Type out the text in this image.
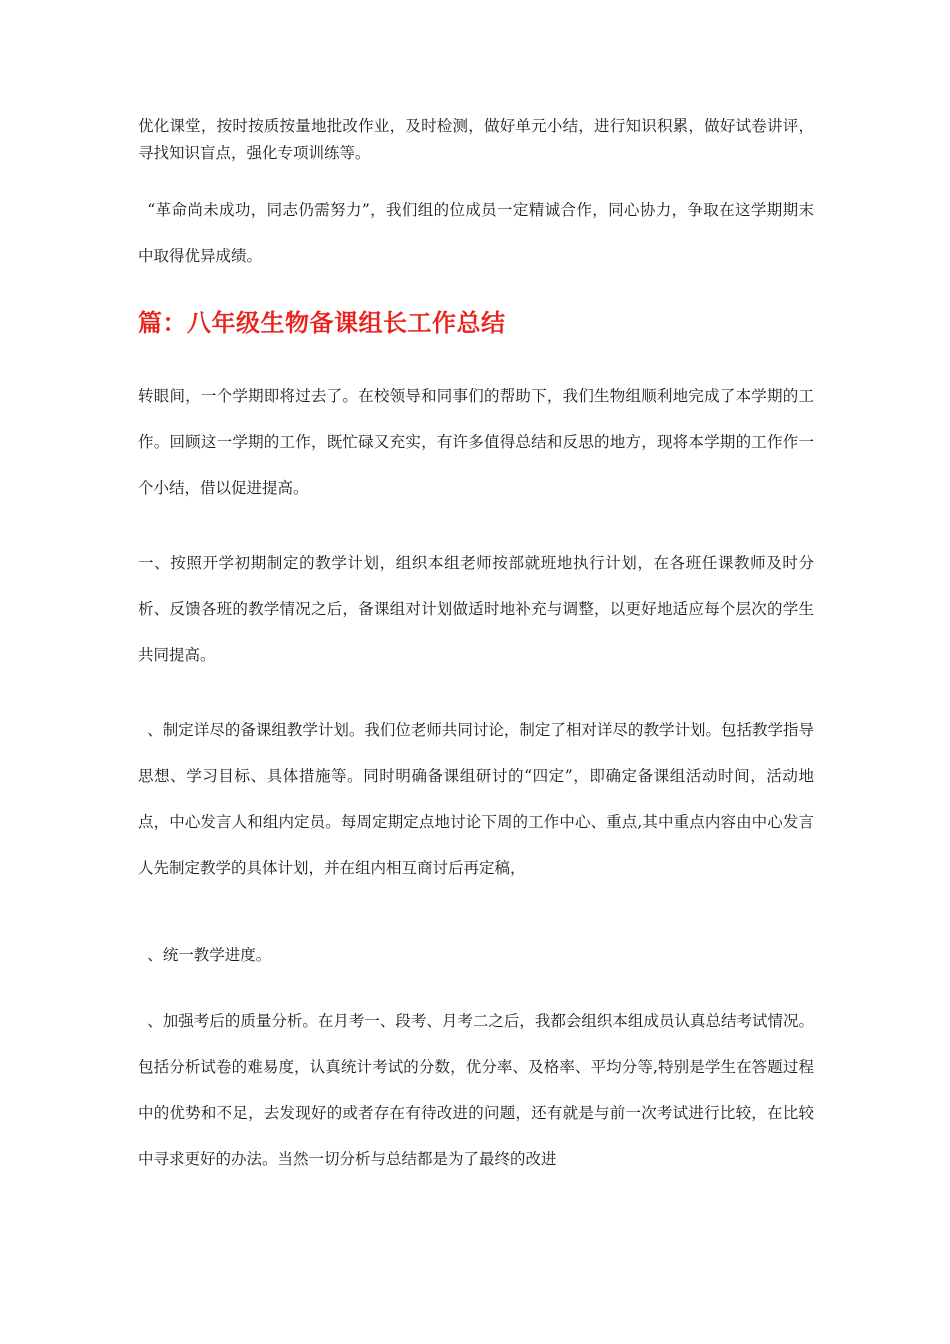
优化课堂，按时按质按量地批改作业，及时检测，做好单元小结，进行知识积累，做好试卷讲评，寻找知识盲点，强化专项训练等。

“革命尚未成功，同志仍需努力”，我们组的位成员一定精诚合作，同心协力，争取在这学期期末中取得优异成绩。

篇：八年级生物备课组长工作总结

转眼间，一个学期即将过去了。在校领导和同事们的帮助下，我们生物组顺利地完成了本学期的工作。回顾这一学期的工作，既忙碌又充实，有许多值得总结和反思的地方，现将本学期的工作作一个小结，借以促进提高。

一、按照开学初期制定的教学计划，组织本组老师按部就班地执行计划，在各班任课教师及时分析、反馈各班的教学情况之后，备课组对计划做适时地补充与调整，以更好地适应每个层次的学生共同提高。

、制定详尽的备课组教学计划。我们位老师共同讨论，制定了相对详尽的教学计划。包括教学指导思想、学习目标、具体措施等。同时明确备课组研讨的“四定”，即确定备课组活动时间，活动地点，中心发言人和组内定员。每周定期定点地讨论下周的工作中心、重点,其中重点内容由中心发言人先制定教学的具体计划，并在组内相互商讨后再定稿，

、统一教学进度。

、加强考后的质量分析。在月考一、段考、月考二之后，我都会组织本组成员认真总结考试情况。包括分析试卷的难易度，认真统计考试的分数，优分率、及格率、平均分等,特别是学生在答题过程中的优势和不足，去发现好的或者存在有待改进的问题，还有就是与前一次考试进行比较，在比较中寻求更好的办法。当然一切分析与总结都是为了最终的改进
